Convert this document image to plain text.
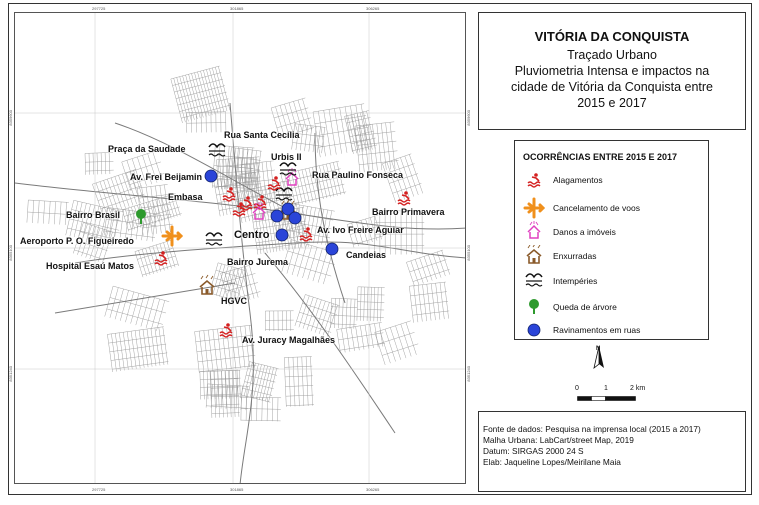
297725	301865	306265
297725	301865	306265
8359600
8355100
8351240
8359600
8355100
8351240
Rua Santa Cecília
Praça da Saudade
Urbis II
Av. Frei Beijamin	Rua Paulino Fonseca
Embasa
Bairro Primavera
Bairro Brasil
Centro	Av. Ivo Freire Aguiar
Aeroporto P. O. Figueiredo
Candeias
Hospital Esaú Matos	Bairro Jurema
HGVC
Av. Juracy Magalhães
VITÓRIA DA CONQUISTA
Traçado Urbano
Pluviometria Intensa e impactos na
cidade de Vitória da Conquista entre
2015 e 2017
OCORRÊNCIAS ENTRE 2015 E 2017
Alagamentos
Cancelamento de voos
Danos a imóveis
Enxurradas
Intempéries
Queda de árvore
Ravinamentos em ruas
N
0	1	2 km
Fonte de dados: Pesquisa na imprensa local (2015 a 2017)
Malha Urbana: LabCart/street Map, 2019
Datum: SIRGAS 2000 24 S
Elab: Jaqueline Lopes/Meirilane Maia
